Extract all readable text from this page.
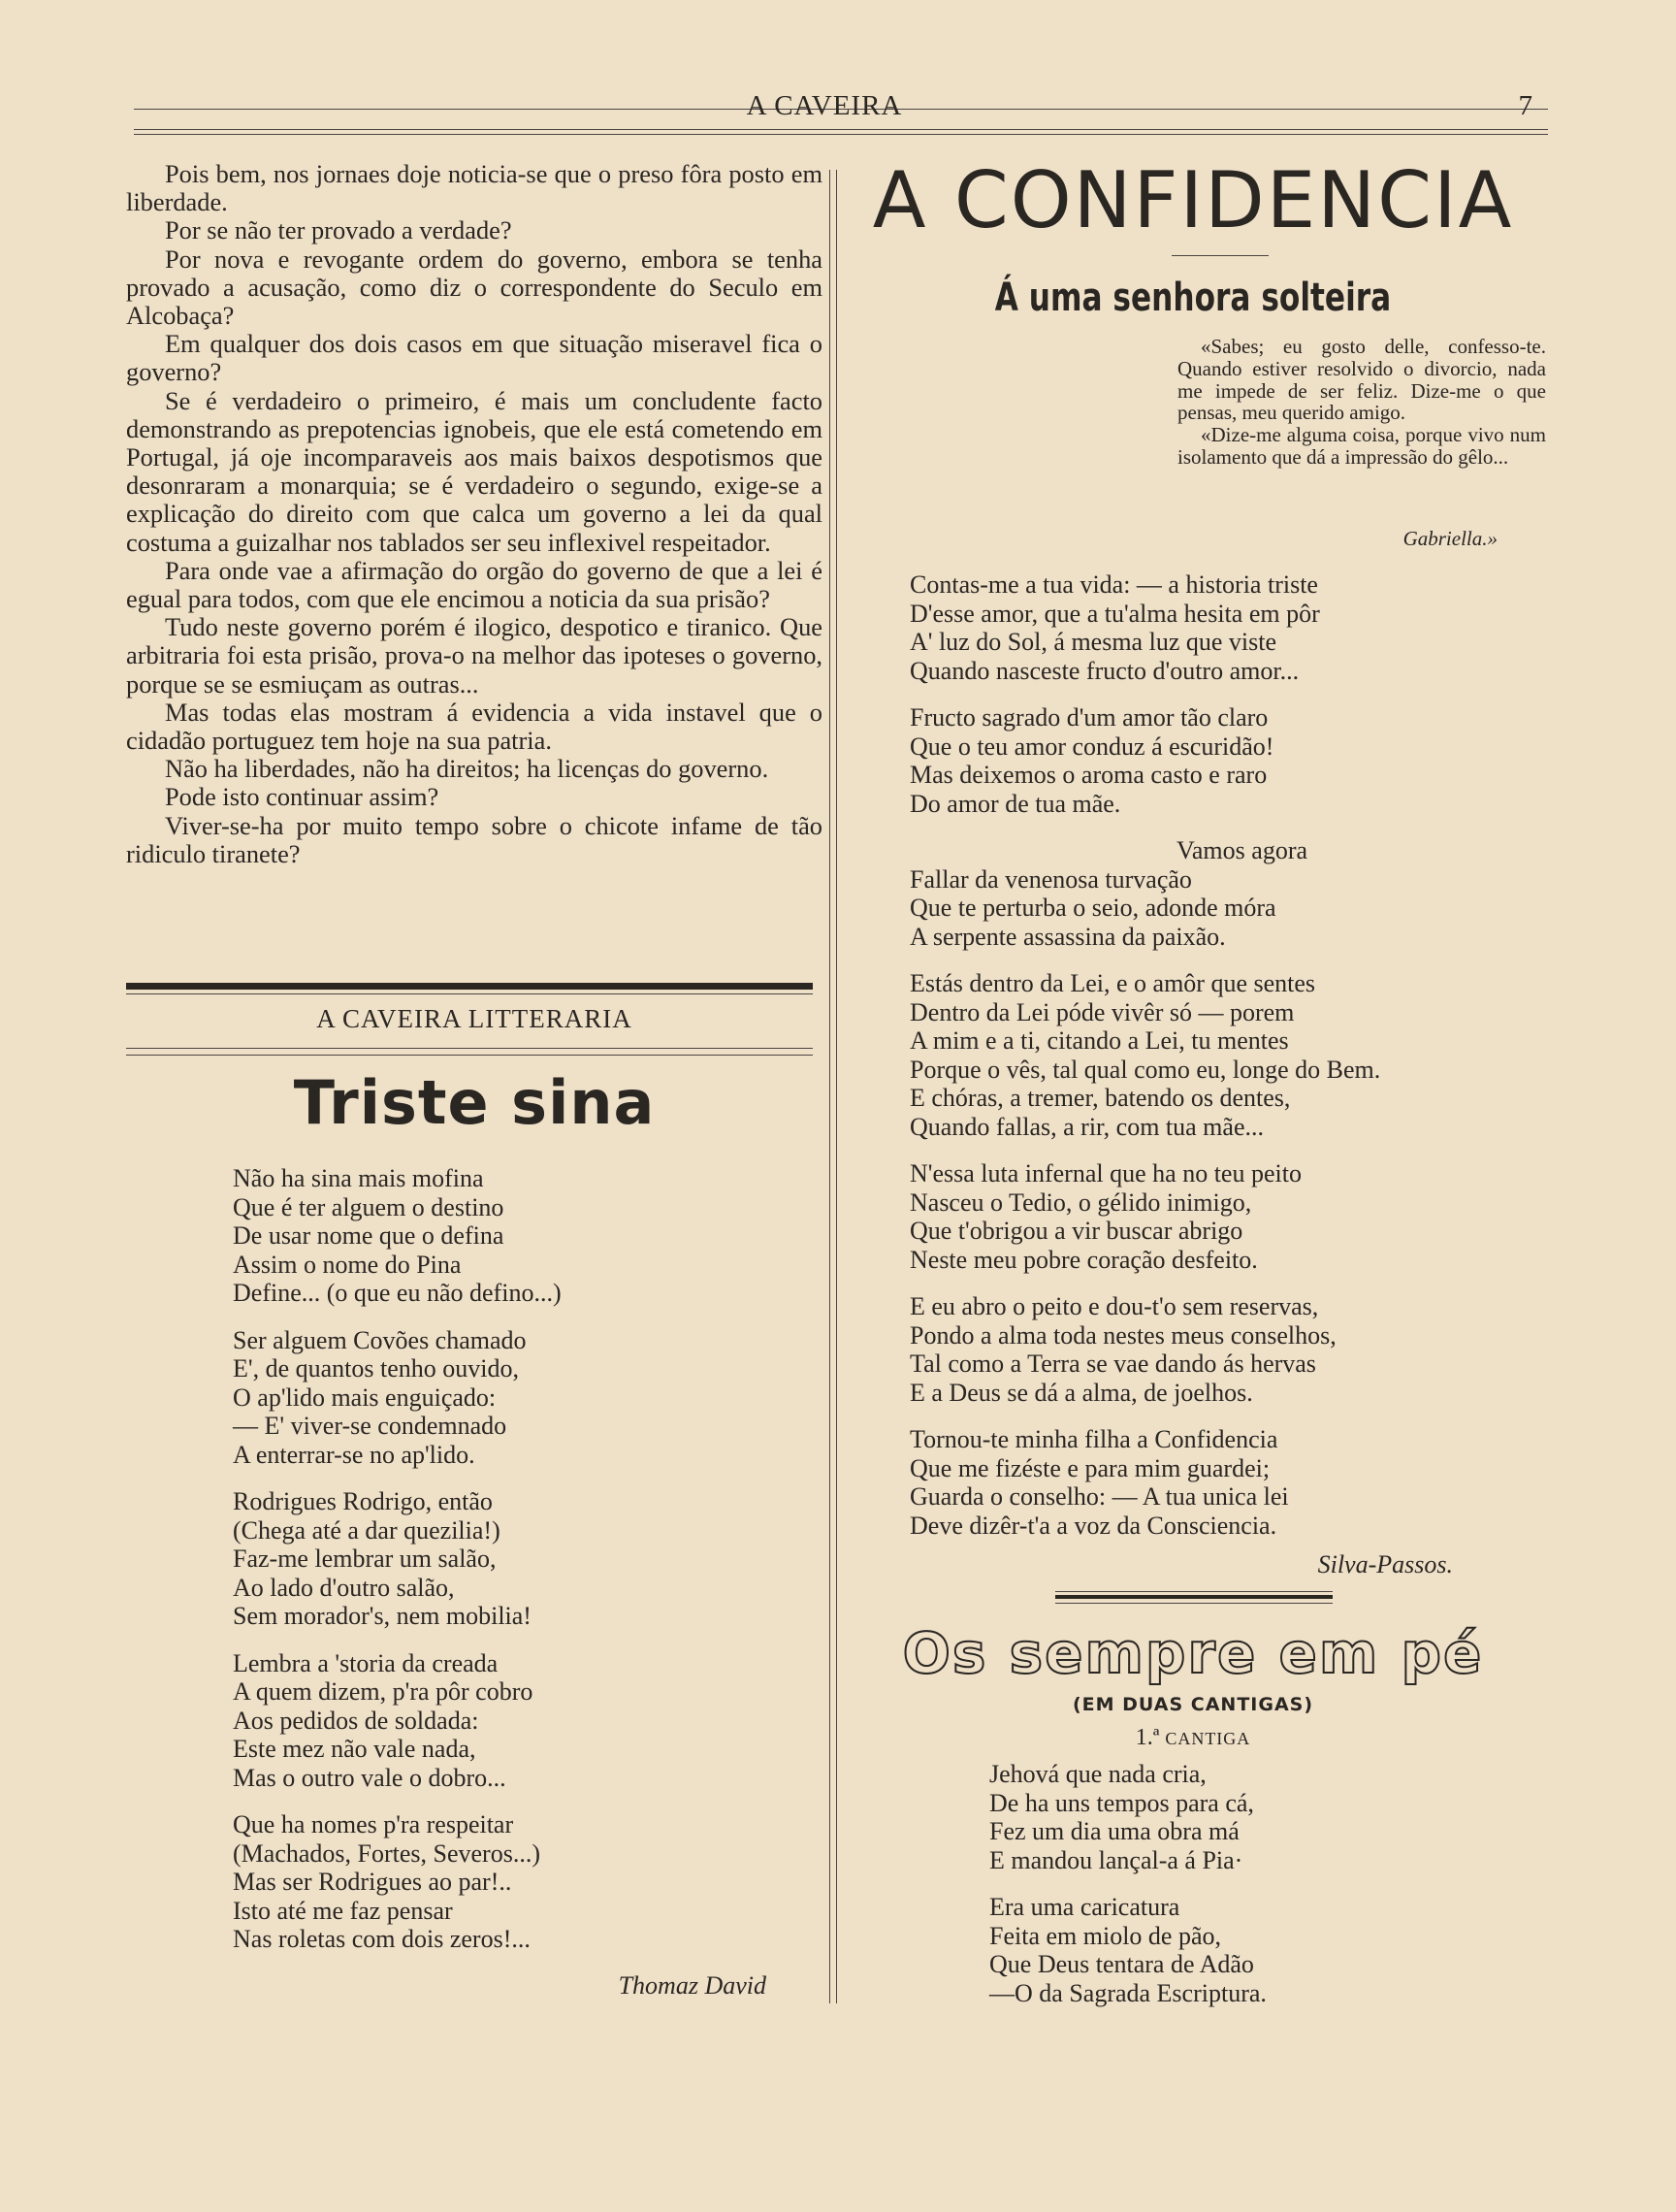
A CAVEIRA	7

Pois bem, nos jornaes doje noticia-se que o preso fôra posto em liberdade.

Por se não ter provado a verdade?

Por nova e revogante ordem do governo, embora se tenha provado a acusação, como diz o correspondente do Seculo em Alcobaça?

Em qualquer dos dois casos em que situação miseravel fica o governo?

Se é verdadeiro o primeiro, é mais um concludente facto demonstrando as prepotencias ignobeis, que ele está cometendo em Portugal, já oje incomparaveis aos mais baixos despotismos que desonraram a monarquia; se é verdadeiro o segundo, exige-se a explicação do direito com que calca um governo a lei da qual costuma a guizalhar nos tablados ser seu inflexivel respeitador.

Para onde vae a afirmação do orgão do governo de que a lei é egual para todos, com que ele encimou a noticia da sua prisão?

Tudo neste governo porém é ilogico, despotico e tiranico. Que arbitraria foi esta prisão, prova-o na melhor das ipoteses o governo, porque se se esmiuçam as outras...

Mas todas elas mostram á evidencia a vida instavel que o cidadão portuguez tem hoje na sua patria.

Não ha liberdades, não ha direitos; ha licenças do governo.

Pode isto continuar assim?

Viver-se-ha por muito tempo sobre o chicote infame de tão ridiculo tiranete?

A CAVEIRA LITTERARIA
Triste sina
Não ha sina mais mofina
Que é ter alguem o destino
De usar nome que o defina
Assim o nome do Pina
Define... (o que eu não defino...)
Ser alguem Covões chamado
E', de quantos tenho ouvido,
O ap'lido mais enguiçado:
— E' viver-se condemnado
A enterrar-se no ap'lido.
Rodrigues Rodrigo, então
(Chega até a dar quezilia!)
Faz-me lembrar um salão,
Ao lado d'outro salão,
Sem morador's, nem mobilia!
Lembra a 'storia da creada
A quem dizem, p'ra pôr cobro
Aos pedidos de soldada:
Este mez não vale nada,
Mas o outro vale o dobro...
Que ha nomes p'ra respeitar
(Machados, Fortes, Severos...)
Mas ser Rodrigues ao par!..
Isto até me faz pensar
Nas roletas com dois zeros!...
Thomaz David
A CONFIDENCIA
Á uma senhora solteira

«Sabes; eu gosto delle, confesso-te. Quando estiver resolvido o divorcio, nada me impede de ser feliz. Dize-me o que pensas, meu querido amigo.

«Dize-me alguma coisa, porque vivo num isolamento que dá a impressão do gêlo...

Gabriella.»
Contas-me a tua vida: — a historia triste
D'esse amor, que a tu'alma hesita em pôr
A' luz do Sol, á mesma luz que viste
Quando nasceste fructo d'outro amor...
Fructo sagrado d'um amor tão claro
Que o teu amor conduz á escuridão!
Mas deixemos o aroma casto e raro
Do amor de tua mãe.
Vamos agora
Fallar da venenosa turvação
Que te perturba o seio, adonde móra
A serpente assassina da paixão.
Estás dentro da Lei, e o amôr que sentes
Dentro da Lei póde vivêr só — porem
A mim e a ti, citando a Lei, tu mentes
Porque o vês, tal qual como eu, longe do Bem.
E chóras, a tremer, batendo os dentes,
Quando fallas, a rir, com tua mãe...
N'essa luta infernal que ha no teu peito
Nasceu o Tedio, o gélido inimigo,
Que t'obrigou a vir buscar abrigo
Neste meu pobre coração desfeito.
E eu abro o peito e dou-t'o sem reservas,
Pondo a alma toda nestes meus conselhos,
Tal como a Terra se vae dando ás hervas
E a Deus se dá a alma, de joelhos.
Tornou-te minha filha a Confidencia
Que me fizéste e para mim guardei;
Guarda o conselho: — A tua unica lei
Deve dizêr-t'a a voz da Consciencia.
Silva-Passos.
Os sempre em pé
(EM DUAS CANTIGAS)
1.ª CANTIGA
Jehová que nada cria,
De ha uns tempos para cá,
Fez um dia uma obra má
E mandou lançal-a á Pia·
Era uma caricatura
Feita em miolo de pão,
Que Deus tentara de Adão
—O da Sagrada Escriptura.
